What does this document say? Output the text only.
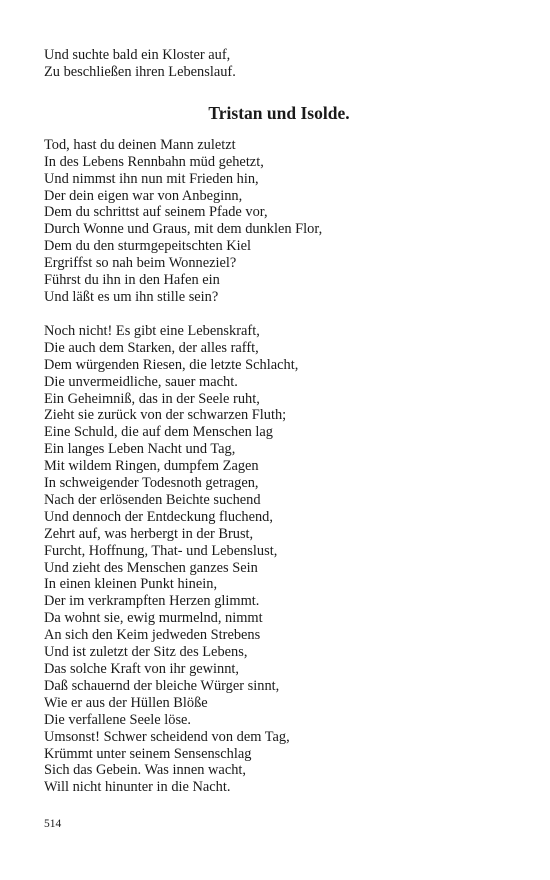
Und suchte bald ein Kloster auf,
Zu beschließen ihren Lebenslauf.
Tristan und Isolde.
Tod, hast du deinen Mann zuletzt
In des Lebens Rennbahn müd gehetzt,
Und nimmst ihn nun mit Frieden hin,
Der dein eigen war von Anbeginn,
Dem du schrittst auf seinem Pfade vor,
Durch Wonne und Graus, mit dem dunklen Flor,
Dem du den sturmgepeitschten Kiel
Ergriffst so nah beim Wonneziel?
Führst du ihn in den Hafen ein
Und läßt es um ihn stille sein?
Noch nicht! Es gibt eine Lebenskraft,
Die auch dem Starken, der alles rafft,
Dem würgenden Riesen, die letzte Schlacht,
Die unvermeidliche, sauer macht.
Ein Geheimniß, das in der Seele ruht,
Zieht sie zurück von der schwarzen Fluth;
Eine Schuld, die auf dem Menschen lag
Ein langes Leben Nacht und Tag,
Mit wildem Ringen, dumpfem Zagen
In schweigender Todesnoth getragen,
Nach der erlösenden Beichte suchend
Und dennoch der Entdeckung fluchend,
Zehrt auf, was herbergt in der Brust,
Furcht, Hoffnung, That- und Lebenslust,
Und zieht des Menschen ganzes Sein
In einen kleinen Punkt hinein,
Der im verkrampften Herzen glimmt.
Da wohnt sie, ewig murmelnd, nimmt
An sich den Keim jedweden Strebens
Und ist zuletzt der Sitz des Lebens,
Das solche Kraft von ihr gewinnt,
Daß schauernd der bleiche Würger sinnt,
Wie er aus der Hüllen Blöße
Die verfallene Seele löse.
Umsonst! Schwer scheidend von dem Tag,
Krümmt unter seinem Sensenschlag
Sich das Gebein. Was innen wacht,
Will nicht hinunter in die Nacht.
514
